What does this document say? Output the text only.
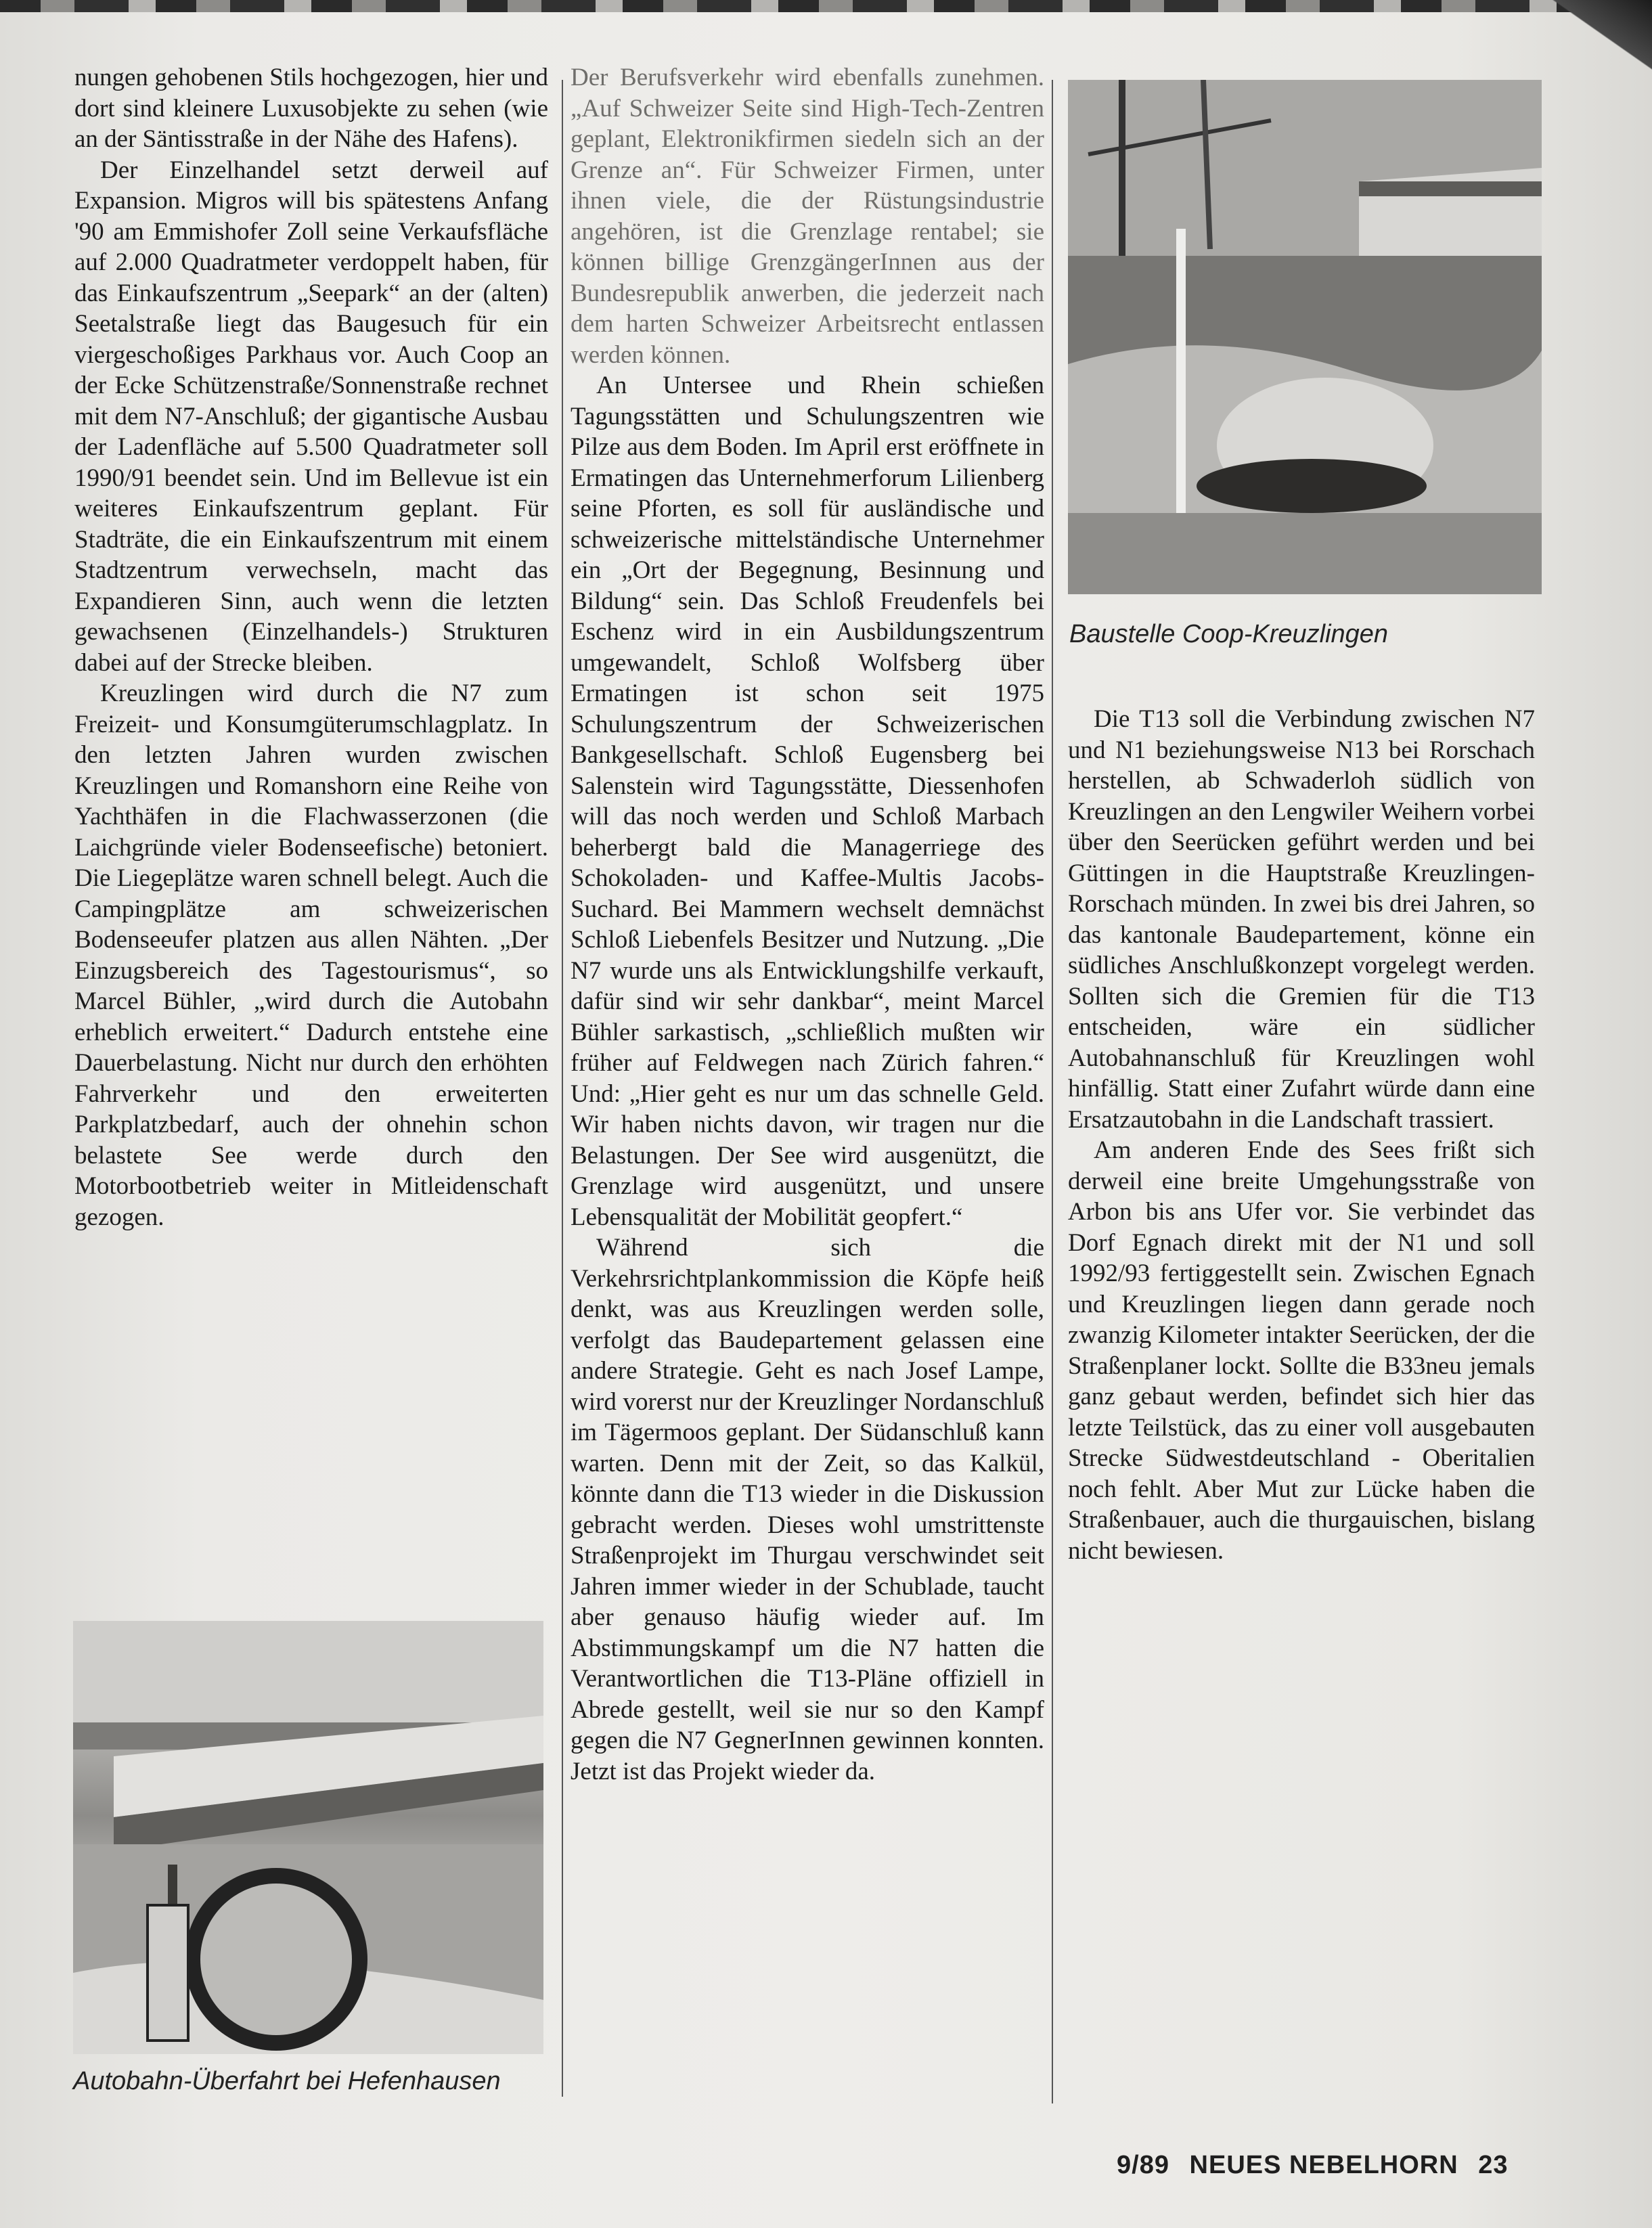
nungen gehobenen Stils hochgezogen, hier und dort sind kleinere Luxusobjekte zu sehen (wie an der Säntisstraße in der Nähe des Hafens).

Der Einzelhandel setzt derweil auf Expansion. Migros will bis spätestens Anfang '90 am Emmishofer Zoll seine Verkaufsfläche auf 2.000 Quadratmeter verdoppelt haben, für das Einkaufszentrum „Seepark“ an der (alten) Seetalstraße liegt das Baugesuch für ein viergeschoßiges Parkhaus vor. Auch Coop an der Ecke Schützenstraße/Sonnenstraße rechnet mit dem N7-Anschluß; der gigantische Ausbau der Ladenfläche auf 5.500 Quadratmeter soll 1990/91 beendet sein. Und im Bellevue ist ein weiteres Einkaufszentrum geplant. Für Stadträte, die ein Einkaufszentrum mit einem Stadtzentrum verwechseln, macht das Expandieren Sinn, auch wenn die letzten gewachsenen (Einzelhandels-) Strukturen dabei auf der Strecke bleiben.

Kreuzlingen wird durch die N7 zum Freizeit- und Konsumgüterumschlagplatz. In den letzten Jahren wurden zwischen Kreuzlingen und Romanshorn eine Reihe von Yachthäfen in die Flachwasserzonen (die Laichgründe vieler Bodenseefische) betoniert. Die Liegeplätze waren schnell belegt. Auch die Campingplätze am schweizerischen Bodenseeufer platzen aus allen Nähten. „Der Einzugsbereich des Tagestourismus“, so Marcel Bühler, „wird durch die Autobahn erheblich erweitert.“ Dadurch entstehe eine Dauerbelastung. Nicht nur durch den erhöhten Fahrverkehr und den erweiterten Parkplatzbedarf, auch der ohnehin schon belastete See werde durch den Motorbootbetrieb weiter in Mitleidenschaft gezogen.

Der Berufsverkehr wird ebenfalls zunehmen. „Auf Schweizer Seite sind High-Tech-Zentren geplant, Elektronikfirmen siedeln sich an der Grenze an“. Für Schweizer Firmen, unter ihnen viele, die der Rüstungsindustrie angehören, ist die Grenzlage rentabel; sie können billige GrenzgängerInnen aus der Bundesrepublik anwerben, die jederzeit nach dem harten Schweizer Arbeitsrecht entlassen werden können.

An Untersee und Rhein schießen Tagungsstätten und Schulungszentren wie Pilze aus dem Boden. Im April erst eröffnete in Ermatingen das Unternehmerforum Lilienberg seine Pforten, es soll für ausländische und schweizerische mittelständische Unternehmer ein „Ort der Begegnung, Besinnung und Bildung“ sein. Das Schloß Freudenfels bei Eschenz wird in ein Ausbildungszentrum umgewandelt, Schloß Wolfsberg über Ermatingen ist schon seit 1975 Schulungszentrum der Schweizerischen Bankgesellschaft. Schloß Eugensberg bei Salenstein wird Tagungsstätte, Diessenhofen will das noch werden und Schloß Marbach beherbergt bald die Managerriege des Schokoladen- und Kaffee-Multis Jacobs-Suchard. Bei Mammern wechselt demnächst Schloß Liebenfels Besitzer und Nutzung. „Die N7 wurde uns als Entwicklungshilfe verkauft, dafür sind wir sehr dankbar“, meint Marcel Bühler sarkastisch, „schließlich mußten wir früher auf Feldwegen nach Zürich fahren.“ Und: „Hier geht es nur um das schnelle Geld. Wir haben nichts davon, wir tragen nur die Belastungen. Der See wird ausgenützt, die Grenzlage wird ausgenützt, und unsere Lebensqualität der Mobilität geopfert.“

Während sich die Verkehrsrichtplankommission die Köpfe heiß denkt, was aus Kreuzlingen werden solle, verfolgt das Baudepartement gelassen eine andere Strategie. Geht es nach Josef Lampe, wird vorerst nur der Kreuzlinger Nordanschluß im Tägermoos geplant. Der Südanschluß kann warten. Denn mit der Zeit, so das Kalkül, könnte dann die T13 wieder in die Diskussion gebracht werden. Dieses wohl umstrittenste Straßenprojekt im Thurgau verschwindet seit Jahren immer wieder in der Schublade, taucht aber genauso häufig wieder auf. Im Abstimmungskampf um die N7 hatten die Verantwortlichen die T13-Pläne offiziell in Abrede gestellt, weil sie nur so den Kampf gegen die N7 GegnerInnen gewinnen konnten. Jetzt ist das Projekt wieder da.

Baustelle Coop-Kreuzlingen

Die T13 soll die Verbindung zwischen N7 und N1 beziehungsweise N13 bei Rorschach herstellen, ab Schwaderloh südlich von Kreuzlingen an den Lengwiler Weihern vorbei über den Seerücken geführt werden und bei Güttingen in die Hauptstraße Kreuzlingen-Rorschach münden. In zwei bis drei Jahren, so das kantonale Baudepartement, könne ein südliches Anschlußkonzept vorgelegt werden. Sollten sich die Gremien für die T13 entscheiden, wäre ein südlicher Autobahnanschluß für Kreuzlingen wohl hinfällig. Statt einer Zufahrt würde dann eine Ersatzautobahn in die Landschaft trassiert.

Am anderen Ende des Sees frißt sich derweil eine breite Umgehungsstraße von Arbon bis ans Ufer vor. Sie verbindet das Dorf Egnach direkt mit der N1 und soll 1992/93 fertiggestellt sein. Zwischen Egnach und Kreuzlingen liegen dann gerade noch zwanzig Kilometer intakter Seerücken, der die Straßenplaner lockt. Sollte die B33neu jemals ganz gebaut werden, befindet sich hier das letzte Teilstück, das zu einer voll ausgebauten Strecke Südwestdeutschland - Oberitalien noch fehlt. Aber Mut zur Lücke haben die Straßenbauer, auch die thurgauischen, bislang nicht bewiesen.

Autobahn-Überfahrt bei Hefenhausen
9/89 NEUES NEBELHORN 23
